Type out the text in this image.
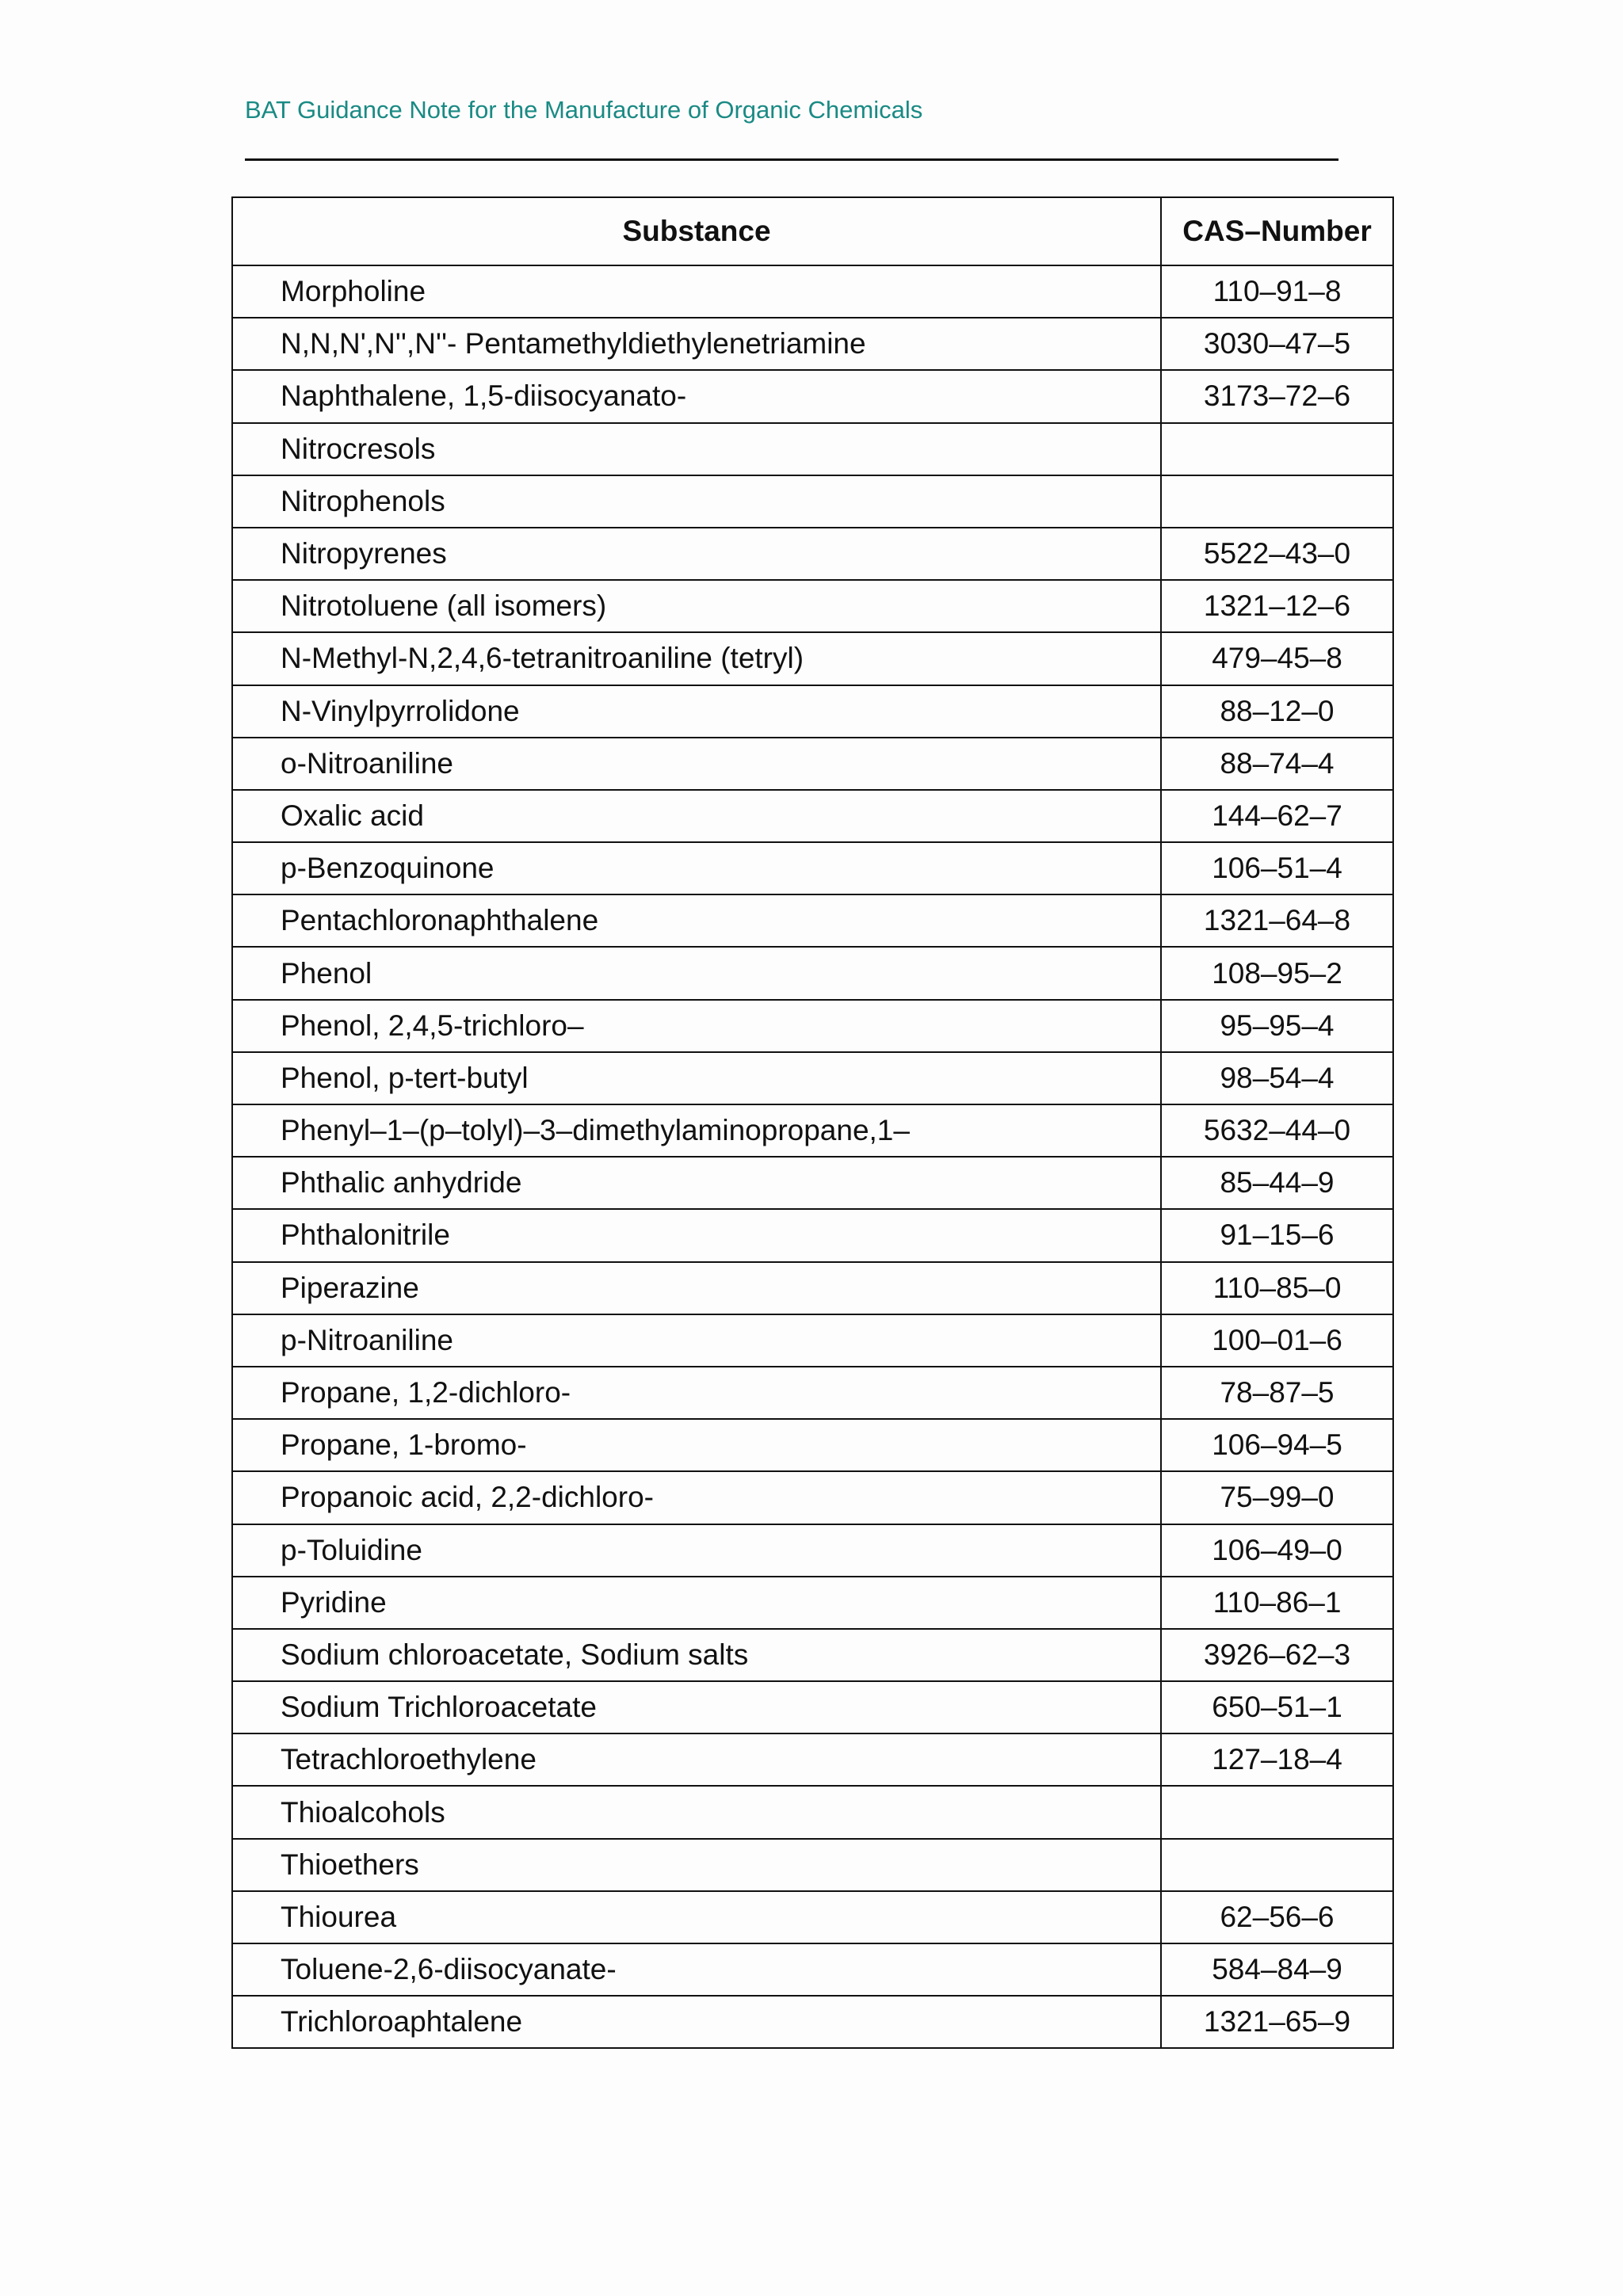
BAT Guidance Note for the Manufacture of Organic Chemicals
Substance	CAS–Number
Morpholine	110–91–8
N,N,N',N'',N''- Pentamethyldiethylenetriamine	3030–47–5
Naphthalene, 1,5-diisocyanato-	3173–72–6
Nitrocresols	
Nitrophenols	
Nitropyrenes	5522–43–0
Nitrotoluene (all isomers)	1321–12–6
N-Methyl-N,2,4,6-tetranitroaniline (tetryl)	479–45–8
N-Vinylpyrrolidone	88–12–0
o-Nitroaniline	88–74–4
Oxalic acid	144–62–7
p-Benzoquinone	106–51–4
Pentachloronaphthalene	1321–64–8
Phenol	108–95–2
Phenol, 2,4,5-trichloro–	95–95–4
Phenol, p-tert-butyl	98–54–4
Phenyl–1–(p–tolyl)–3–dimethylaminopropane,1–	5632–44–0
Phthalic anhydride	85–44–9
Phthalonitrile	91–15–6
Piperazine	110–85–0
p-Nitroaniline	100–01–6
Propane, 1,2-dichloro-	78–87–5
Propane, 1-bromo-	106–94–5
Propanoic acid, 2,2-dichloro-	75–99–0
p-Toluidine	106–49–0
Pyridine	110–86–1
Sodium chloroacetate, Sodium salts	3926–62–3
Sodium Trichloroacetate	650–51–1
Tetrachloroethylene	127–18–4
Thioalcohols	
Thioethers	
Thiourea	62–56–6
Toluene-2,6-diisocyanate-	584–84–9
Trichloroaphtalene	1321–65–9
